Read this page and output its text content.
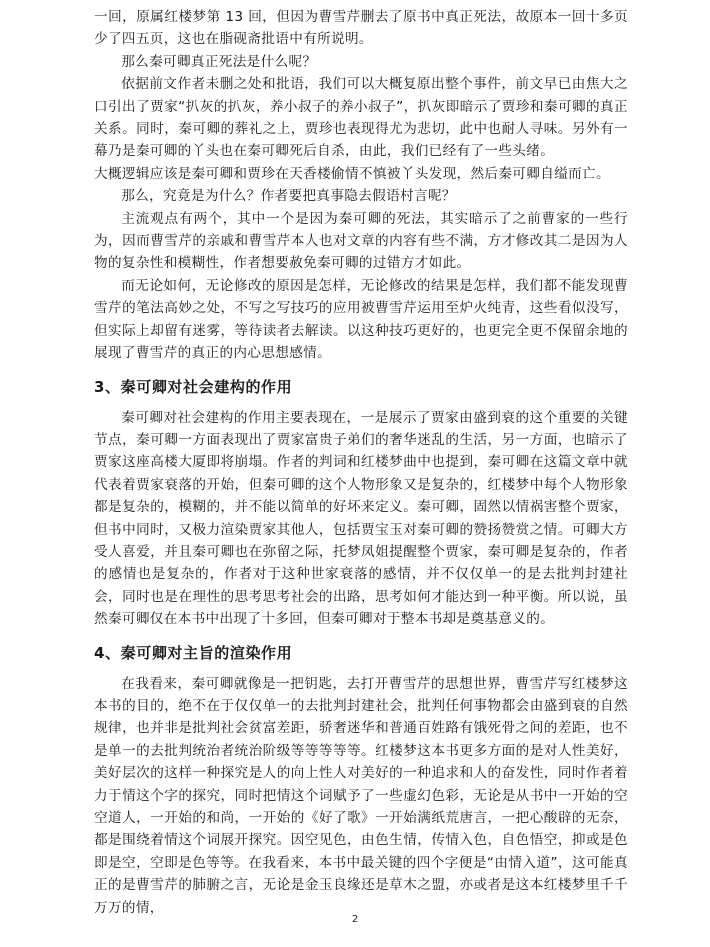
一回，原属红楼梦第 13 回，但因为曹雪芹删去了原书中真正死法，故原本一回十多页少了四五页，这也在脂砚斋批语中有所说明。

那么秦可卿真正死法是什么呢？

依据前文作者未删之处和批语，我们可以大概复原出整个事件，前文早已由焦大之口引出了贾家“扒灰的扒灰，养小叔子的养小叔子”，扒灰即暗示了贾珍和秦可卿的真正关系。同时，秦可卿的葬礼之上，贾珍也表现得尤为悲切，此中也耐人寻味。另外有一幕乃是秦可卿的丫头也在秦可卿死后自杀，由此，我们已经有了一些头绪。

大概逻辑应该是秦可卿和贾珍在天香楼偷情不慎被丫头发现，然后秦可卿自缢而亡。

那么，究竟是为什么？作者要把真事隐去假语村言呢？

主流观点有两个，其中一个是因为秦可卿的死法，其实暗示了之前曹家的一些行为，因而曹雪芹的亲戚和曹雪芹本人也对文章的内容有些不满，方才修改其二是因为人物的复杂性和模糊性，作者想要赦免秦可卿的过错方才如此。

而无论如何，无论修改的原因是怎样，无论修改的结果是怎样，我们都不能发现曹雪芹的笔法高妙之处，不写之写技巧的应用被曹雪芹运用至炉火纯青，这些看似没写，但实际上却留有迷雾，等待读者去解读。以这种技巧更好的，也更完全更不保留余地的展现了曹雪芹的真正的内心思想感情。

3、秦可卿对社会建构的作用

秦可卿对社会建构的作用主要表现在，一是展示了贾家由盛到衰的这个重要的关键节点，秦可卿一方面表现出了贾家富贵子弟们的奢华迷乱的生活，另一方面，也暗示了贾家这座高楼大厦即将崩塌。作者的判词和红楼梦曲中也提到，秦可卿在这篇文章中就代表着贾家衰落的开始，但秦可卿的这个人物形象又是复杂的，红楼梦中每个人物形象都是复杂的，模糊的，并不能以简单的好坏来定义。秦可卿，固然以情祸害整个贾家，但书中同时，又极力渲染贾家其他人，包括贾宝玉对秦可卿的赞扬赞赏之情。可卿大方受人喜爱，并且秦可卿也在弥留之际，托梦凤姐提醒整个贾家，秦可卿是复杂的，作者的感情也是复杂的，作者对于这种世家衰落的感情，并不仅仅单一的是去批判封建社会，同时也是在理性的思考思考社会的出路，思考如何才能达到一种平衡。所以说，虽然秦可卿仅在本书中出现了十多回，但秦可卿对于整本书却是奠基意义的。

4、秦可卿对主旨的渲染作用

在我看来，秦可卿就像是一把钥匙，去打开曹雪芹的思想世界，曹雪芹写红楼梦这本书的目的，绝不在于仅仅单一的去批判封建社会，批判任何事物都会由盛到衰的自然规律，也并非是批判社会贫富差距，骄奢迷华和普通百姓路有饿死骨之间的差距，也不是单一的去批判统治者统治阶级等等等等等。红楼梦这本书更多方面的是对人性美好，美好层次的这样一种探究是人的向上性人对美好的一种追求和人的奋发性，同时作者着力于情这个字的探究，同时把情这个词赋予了一些虚幻色彩，无论是从书中一开始的空空道人，一开始的和尚，一开始的《好了歌》一开始满纸荒唐言，一把心酸辟的无奈，都是围绕着情这个词展开探究。因空见色，由色生情，传情入色，自色悟空，抑或是色即是空，空即是色等等。在我看来，本书中最关键的四个字便是“由情入道”，这可能真正的是曹雪芹的肺腑之言，无论是金玉良缘还是草木之盟，亦或者是这本红楼梦里千千万万的情，

2
